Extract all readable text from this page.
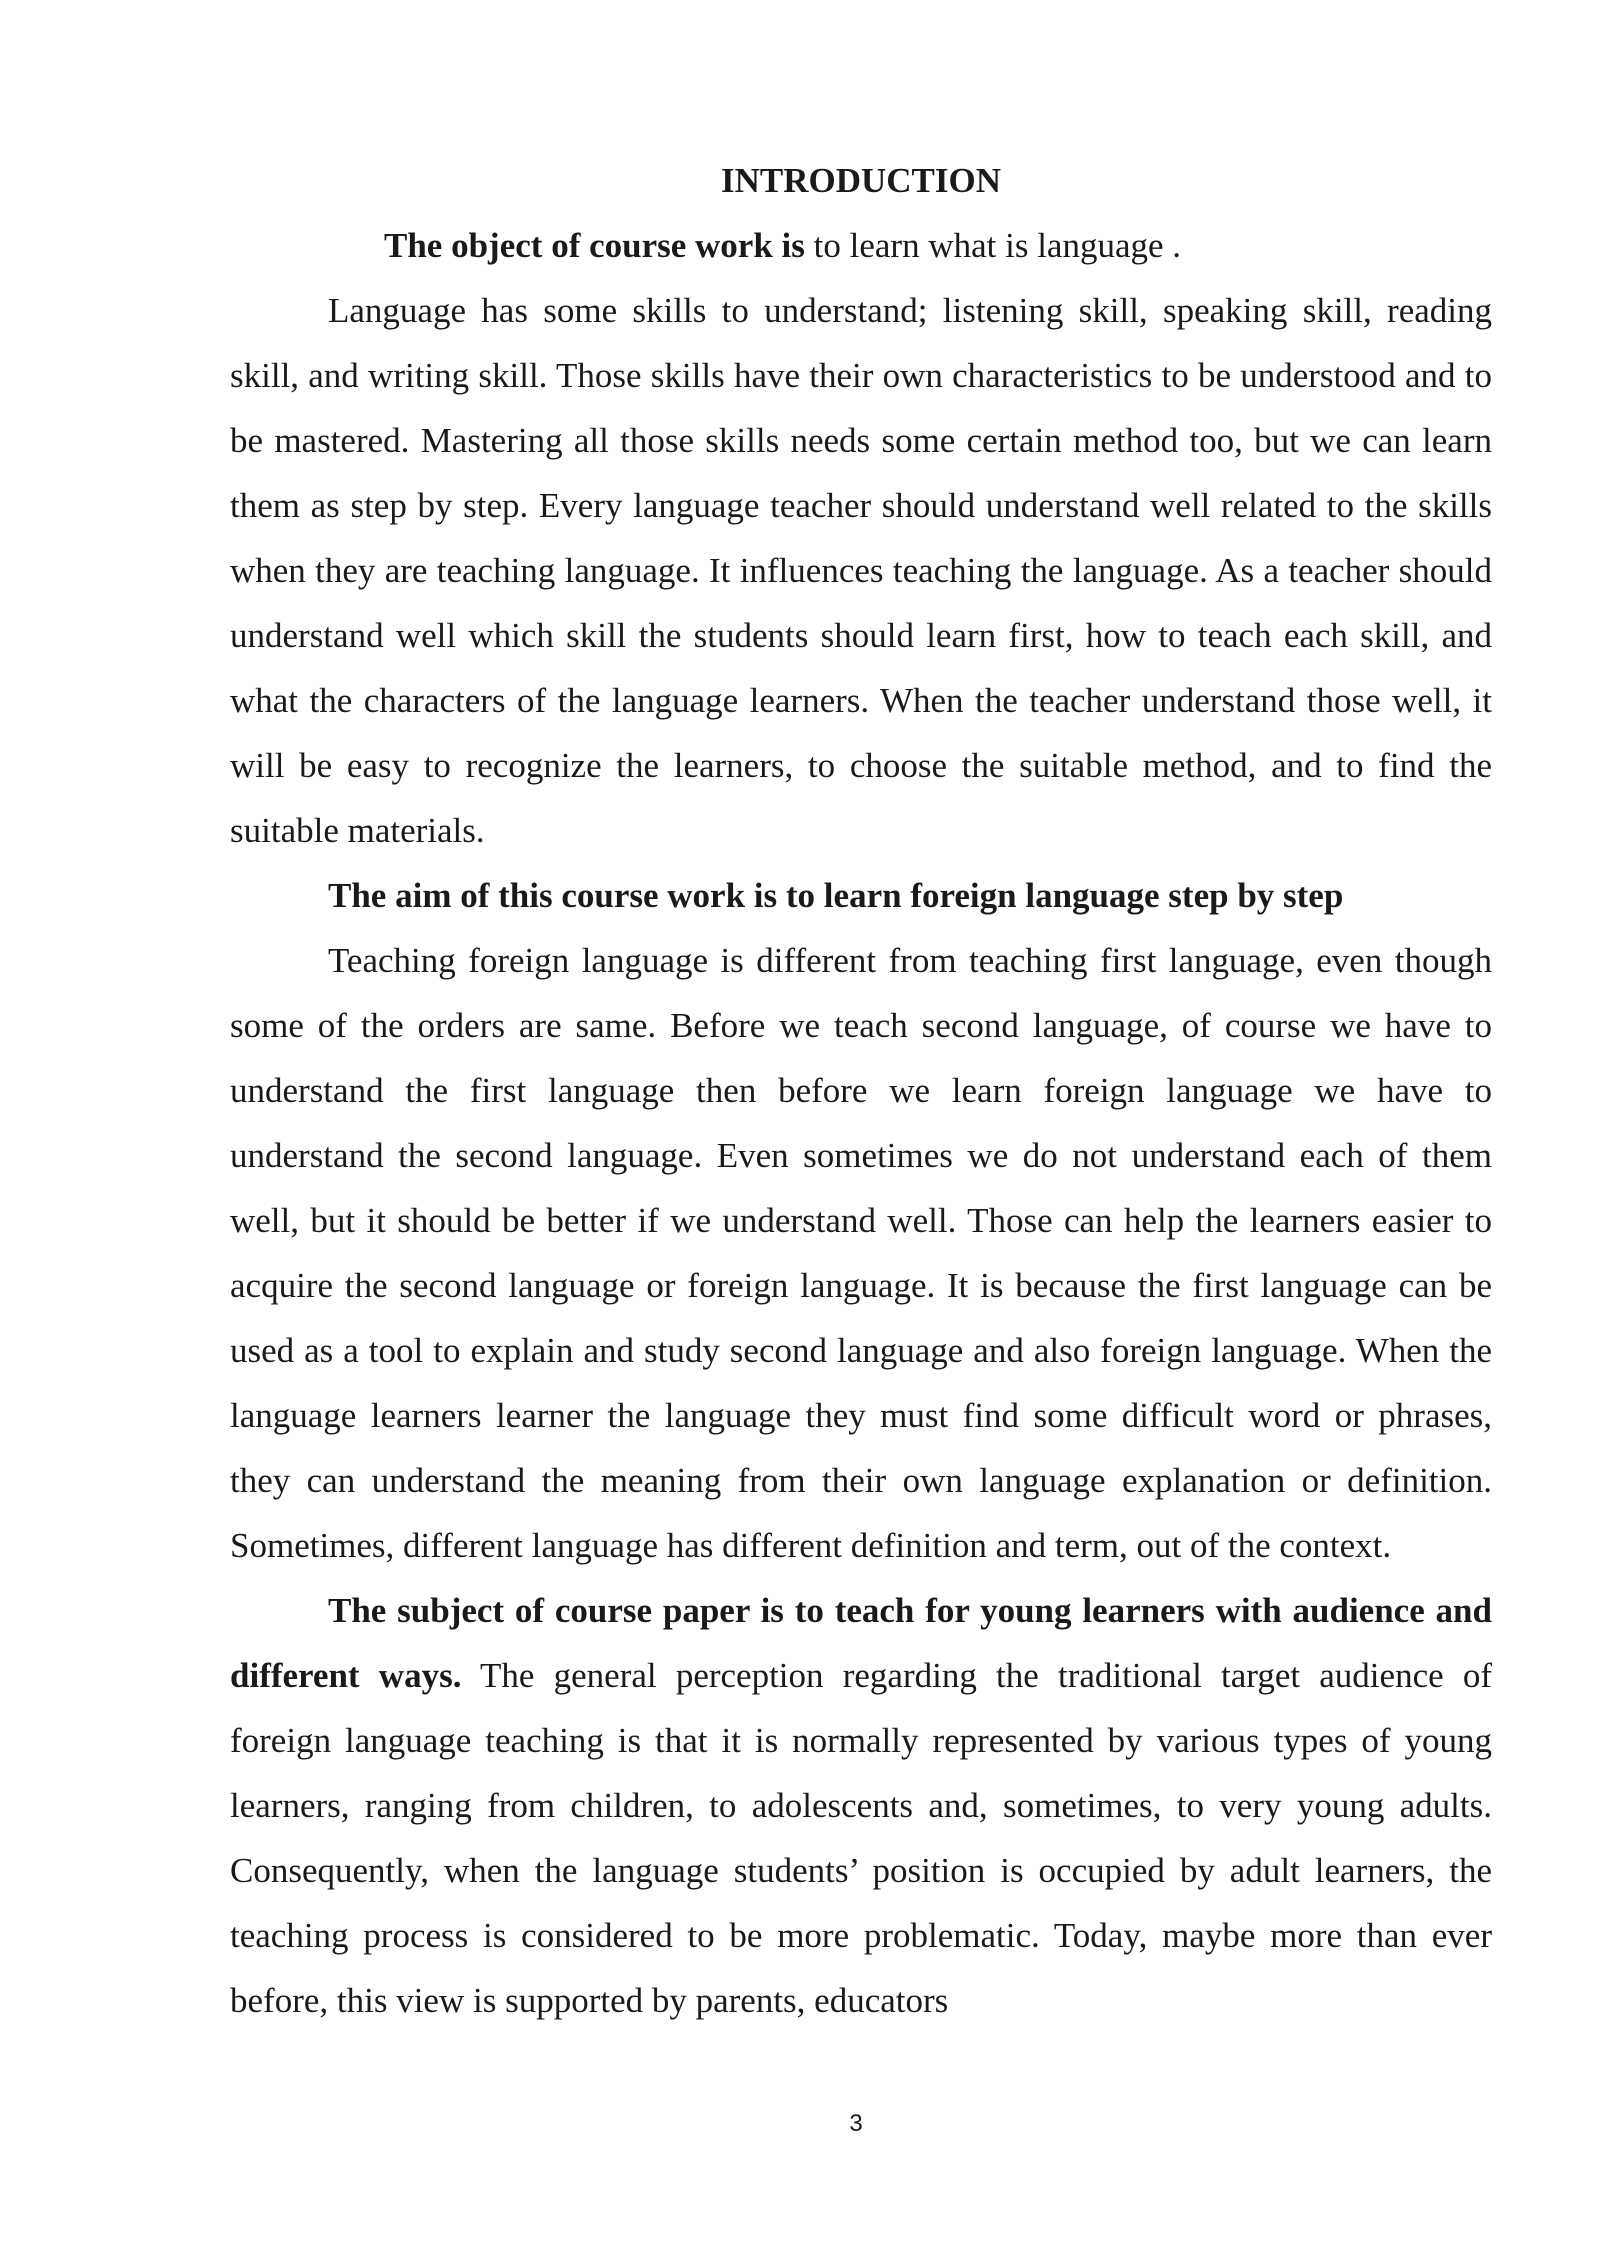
INTRODUCTION

The object of course work is to learn what is language .

Language has some skills to understand; listening skill, speaking skill, reading skill, and writing skill. Those skills have their own characteristics to be understood and to be mastered. Mastering all those skills needs some certain method too, but we can learn them as step by step. Every language teacher should understand well related to the skills when they are teaching language. It influences teaching the language. As a teacher should understand well which skill the students should learn first, how to teach each skill, and what the characters of the language learners. When the teacher understand those well, it will be easy to recognize the learners, to choose the suitable method, and to find the suitable materials.

The aim of this course work is to learn foreign language step by step

Teaching foreign language is different from teaching first language, even though some of the orders are same. Before we teach second language, of course we have to understand the first language then before we learn foreign language we have to understand the second language. Even sometimes we do not understand each of them well, but it should be better if we understand well. Those can help the learners easier to acquire the second language or foreign language. It is because the first language can be used as a tool to explain and study second language and also foreign language. When the language learners learner the language they must find some difficult word or phrases, they can understand the meaning from their own language explanation or definition. Sometimes, different language has different definition and term, out of the context.

The subject of course paper is to teach for young learners with audience and different ways. The general perception regarding the traditional target audience of foreign language teaching is that it is normally represented by various types of young learners, ranging from children, to adolescents and, sometimes, to very young adults. Consequently, when the language students’ position is occupied by adult learners, the teaching process is considered to be more problematic. Today, maybe more than ever before, this view is supported by parents, educators

3
